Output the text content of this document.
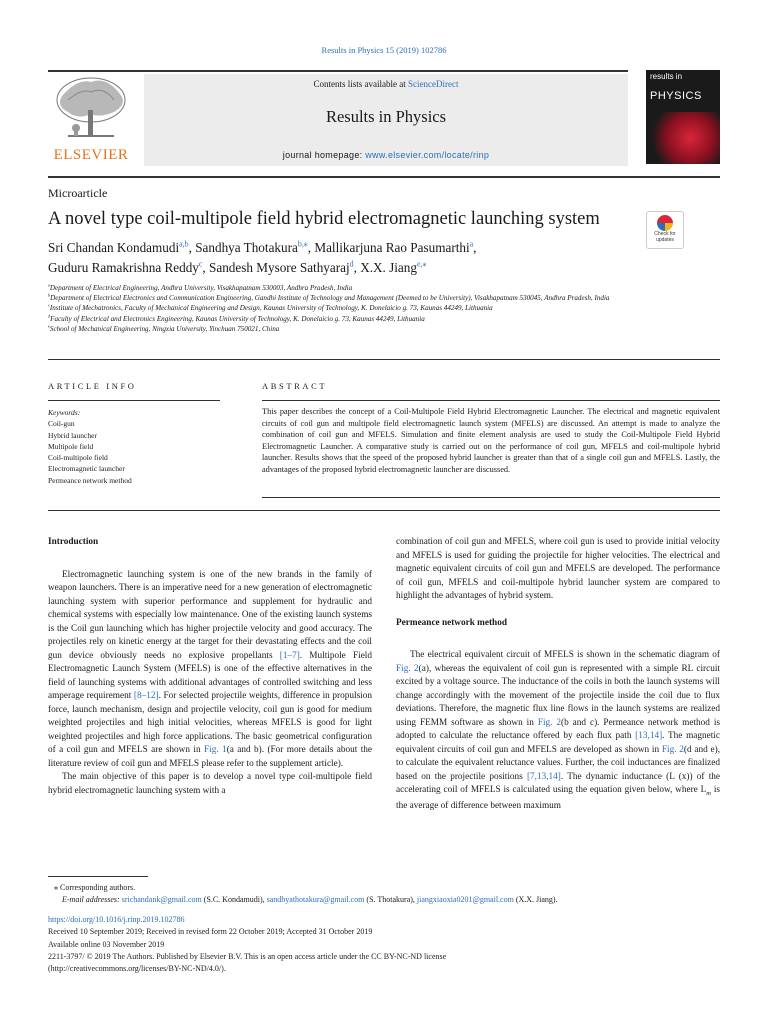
Results in Physics 15 (2019) 102786
ELSEVIER
Contents lists available at ScienceDirect
Results in Physics
journal homepage: www.elsevier.com/locate/rinp
results in
PHYSICS
Microarticle
A novel type coil-multipole field hybrid electromagnetic launching system
Check for updates
Sri Chandan Kondamudi$^{a,b}$, Sandhya Thotakura$^{b,⁎}$, Mallikarjuna Rao Pasumarthi$^a$,
Guduru Ramakrishna Reddy$^c$, Sandesh Mysore Sathyaraj$^d$, X.X. Jiang$^{e,⁎}$
$^a$Department of Electrical Engineering, Andhra University, Visakhapatnam 530003, Andhra Pradesh, India
$^b$Department of Electrical Electronics and Communication Engineering, Gandhi Institute of Technology and Management (Deemed to be University), Visakhapatnam 530045, Andhra Pradesh, India
$^c$Institute of Mechatronics, Faculty of Mechanical Engineering and Design, Kaunas University of Technology, K. Donelaicio g. 73, Kaunas 44249, Lithuania
$^d$Faculty of Electrical and Electronics Engineering, Kaunas University of Technology, K. Donelaicio g. 73, Kaunas 44249, Lithuania
$^e$School of Mechanical Engineering, Ningxia University, Yinchuan 750021, China
ARTICLE INFO	ABSTRACT
Keywords:
Coil-gun
Hybrid launcher
Multipole field
Coil-multipole field
Electromagnetic launcher
Permeance network method
This paper describes the concept of a Coil-Multipole Field Hybrid Electromagnetic Launcher. The electrical and magnetic equivalent circuits of coil gun and multipole field electromagnetic launch system (MFELS) are discussed. An attempt is made to analyze the combination of coil gun and MFELS. Simulation and finite element analysis are used to study the Coil-Multipole Field Hybrid Electromagnetic Launcher. A comparative study is carried out on the performance of coil gun, MFELS and coil-multipole hybrid launcher. Results shows that the speed of the proposed hybrid launcher is greater than that of a single coil gun and MFELS. Lastly, the advantages of the proposed hybrid electromagnetic launcher are discussed.
Introduction

Electromagnetic launching system is one of the new brands in the family of weapon launchers. There is an imperative need for a new generation of electromagnetic launching system with superior performance and supplement for hydraulic and chemical systems with especially low maintenance. One of the existing launch systems is the Coil gun launching which has higher projectile velocity and good accuracy. The projectiles rely on kinetic energy at the target for their devastating effects and the coil gun device obviously needs no explosive propellants [1–7]. Multipole Field Electromagnetic Launch System (MFELS) is one of the effective alternatives in the field of launching systems with additional advantages of controlled switching and less amperage requirement [8–12]. For selected projectile weights, difference in propulsion force, launch mechanism, design and projectile velocity, coil gun is good for medium weighted projectiles and high initial velocities, whereas MFELS is good for light weighted projectiles and high force applications. The basic geometrical configuration of a coil gun and MFELS are shown in Fig. 1(a and b). (For more details about the literature review of coil gun and MFELS please refer to the supplement article).

The main objective of this paper is to develop a novel type coil-multipole field hybrid electromagnetic launching system with a

combination of coil gun and MFELS, where coil gun is used to provide initial velocity and MFELS is used for guiding the projectile for higher velocities. The electrical and magnetic equivalent circuits of coil gun and MFELS are developed. The performance of coil gun, MFELS and coil-multipole hybrid launcher system are compared to highlight the advantages of hybrid system.

Permeance network method

The electrical equivalent circuit of MFELS is shown in the schematic diagram of Fig. 2(a), whereas the equivalent of coil gun is represented with a simple RL circuit excited by a voltage source. The inductance of the coils in both the launch systems will change accordingly with the movement of the projectile inside the coil due to flux deviations. Therefore, the magnetic flux line flows in the launch systems are realized using FEMM software as shown in Fig. 2(b and c). Permeance network method is adopted to calculate the reluctance offered by each flux path [13,14]. The magnetic equivalent circuits of coil gun and MFELS are developed as shown in Fig. 2(d and e), to calculate the equivalent reluctance values. Further, the coil inductances are finalized based on the projectile positions [7,13,14]. The dynamic inductance (L (x)) of the accelerating coil of MFELS is calculated using the equation given below, where $L_m$ is the average of difference between maximum

⁎ Corresponding authors.
E-mail addresses: srichandank@gmail.com (S.C. Kondamudi), sandhyathotakura@gmail.com (S. Thotakura), jiangxiaoxia0201@gmail.com (X.X. Jiang).
https://doi.org/10.1016/j.rinp.2019.102786
Received 10 September 2019; Received in revised form 22 October 2019; Accepted 31 October 2019
Available online 03 November 2019
2211-3797/ © 2019 The Authors. Published by Elsevier B.V. This is an open access article under the CC BY-NC-ND license
(http://creativecommons.org/licenses/BY-NC-ND/4.0/).
